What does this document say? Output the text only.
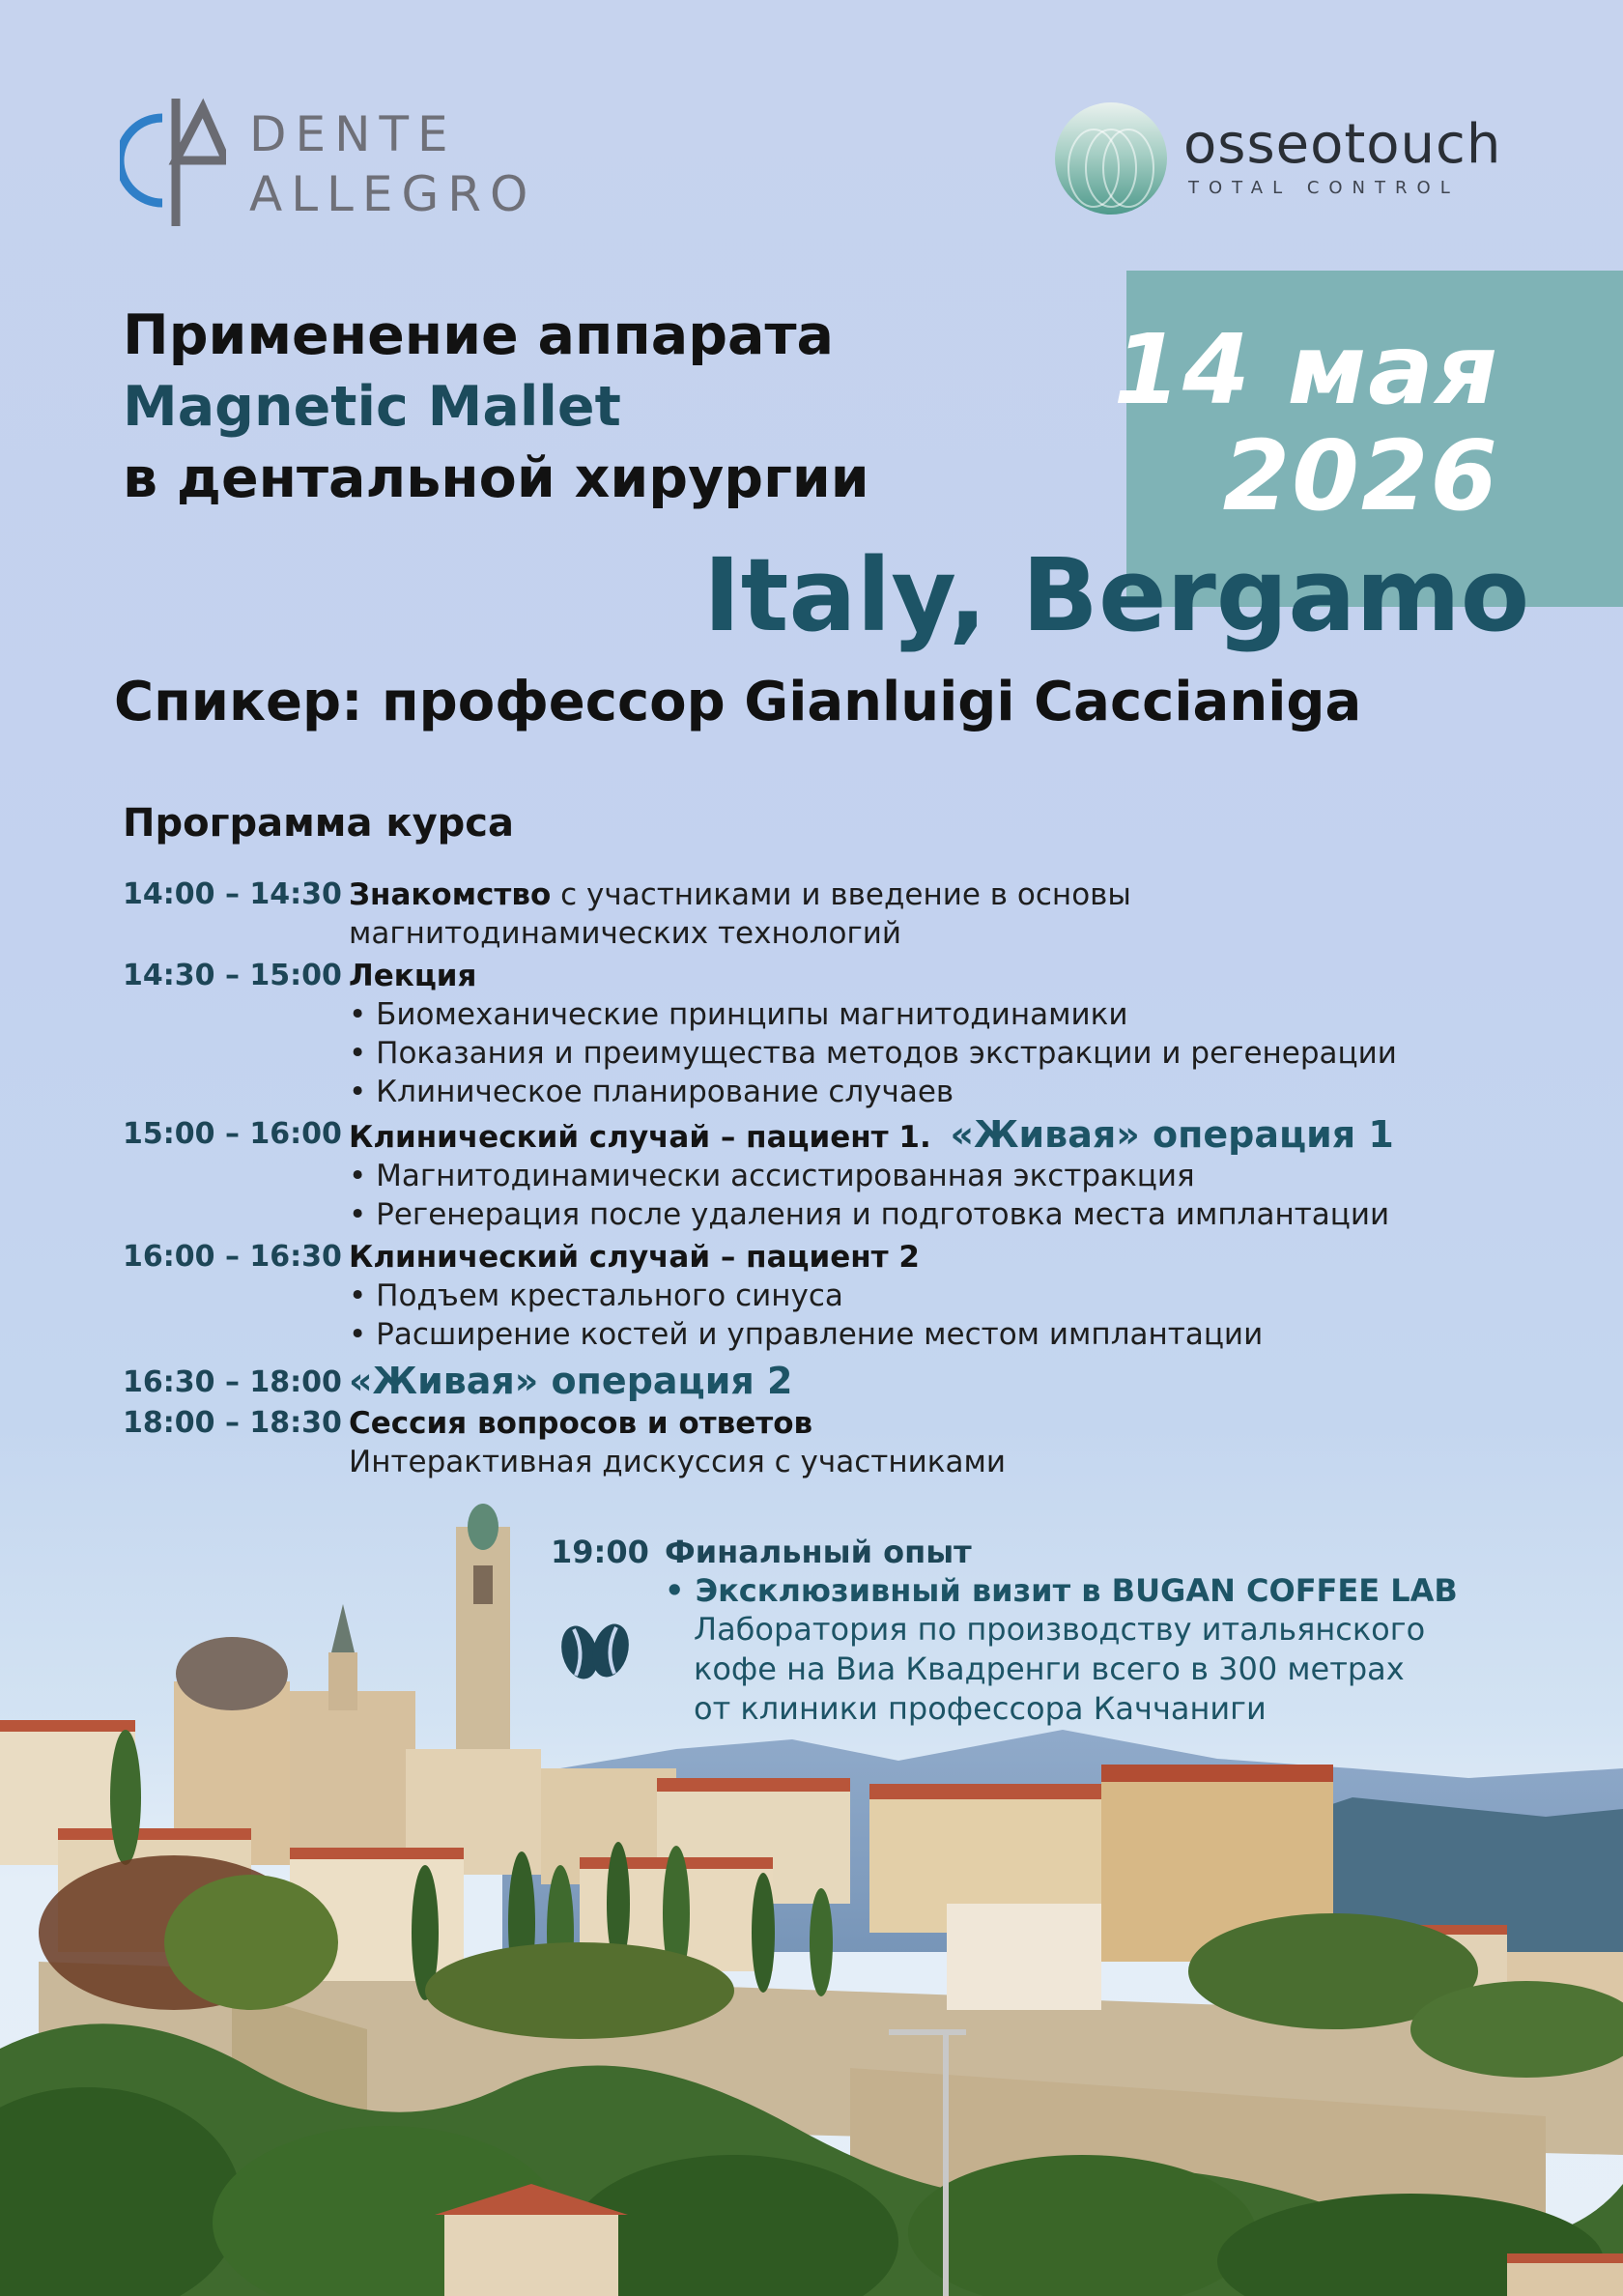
DENTE
ALLEGRO
osseotouch
TOTAL CONTROL
14 мая
2026
Применение аппарата
Magnetic Mallet
в дентальной хирургии
Italy, Bergamo
Спикер: профессор Gianluigi Caccianiga
Программа курса
14:00 – 14:30 Знакомство с участниками и введение в основы
магнитодинамических технологий
14:30 – 15:00 Лекция
• Биомеханические принципы магнитодинамики
• Показания и преимущества методов экстракции и регенерации
• Клиническое планирование случаев
15:00 – 16:00 Клинический случай – пациент 1. «Живая» операция 1
• Магнитодинамически ассистированная экстракция
• Регенерация после удаления и подготовка места имплантации
16:00 – 16:30 Клинический случай – пациент 2
• Подъем крестального синуса
• Расширение костей и управление местом имплантации
16:30 – 18:00 «Живая» операция 2
18:00 – 18:30 Сессия вопросов и ответов
Интерактивная дискуссия с участниками
19:00 Финальный опыт
• Эксклюзивный визит в BUGAN COFFEE LAB
Лаборатория по производству итальянского
кофе на Виа Квадренги всего в 300 метрах
от клиники профессора Каччаниги
